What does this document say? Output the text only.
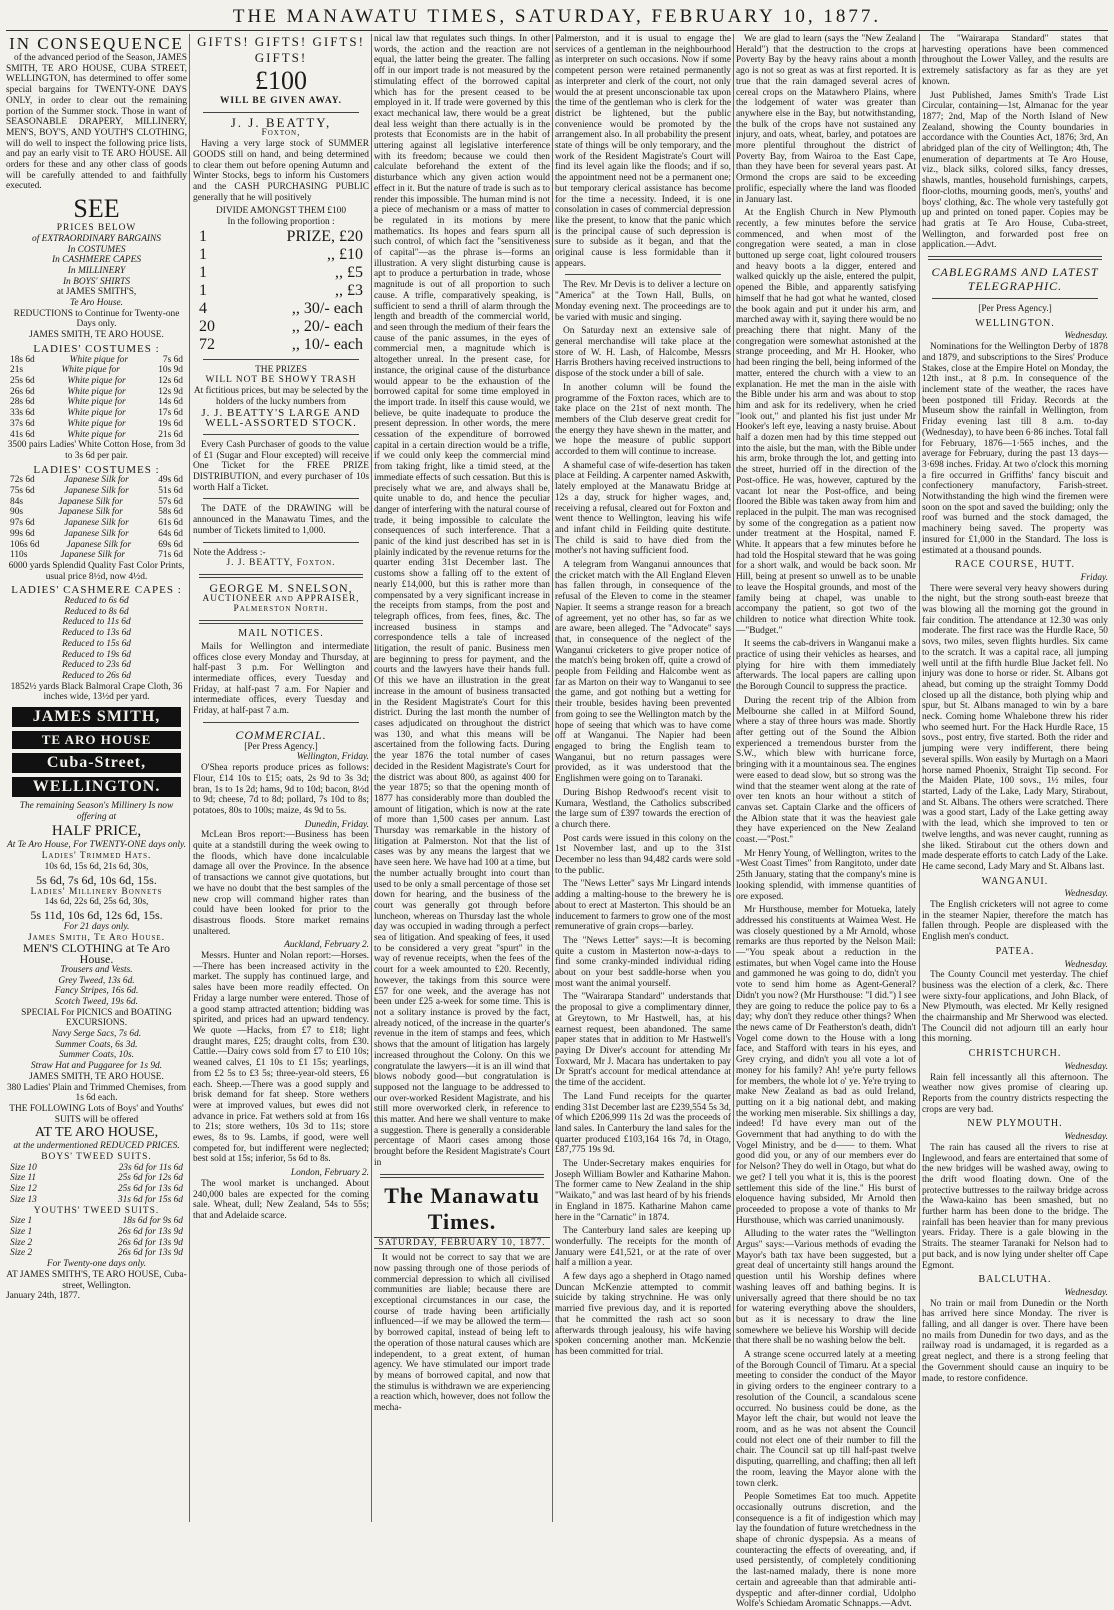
THE MANAWATU TIMES, SATURDAY, FEBRUARY 10, 1877.
IN CONSEQUENCE

of the advanced period of the Season, JAMES SMITH, TE ARO HOUSE, CUBA STREET, WELLINGTON, has determined to offer some special bargains for TWENTY-ONE DAYS ONLY, in order to clear out the remaining portion of the Summer stock. Those in want of SEASONABLE DRAPERY, MILLINERY, MEN'S, BOY'S, AND YOUTH'S CLOTHING, will do well to inspect the following price lists, and pay an early visit to TE ARO HOUSE. All orders for these and any other class of goods will be carefully attended to and faithfully executed.

SEE
PRICES BELOW
of EXTRAORDINARY BARGAINS
In COSTUMES
In CASHMERE CAPES
In MILLINERY
In BOYS' SHIRTS
at JAMES SMITH'S,
Te Aro House.
REDUCTIONS to Continue for Twenty-one Days only.
JAMES SMITH, TE ARO HOUSE.
LADIES' COSTUMES :
18s 6d	White pique for	7s 6d
21s	White pique for	10s 9d
25s 6d	White pique for	12s 6d
26s 6d	White pique for	12s 9d
28s 6d	White pique for	14s 6d
33s 6d	White pique for	17s 6d
37s 6d	White pique for	19s 6d
41s 6d	White pique for	21s 6d
3500 pairs Ladies' White Cotton Hose, from 3d to 3s 6d per pair.
LADIES' COSTUMES :
72s 6d	Japanese Silk for	49s 6d
75s 6d	Japanese Silk for	51s 6d
84s	Japanese Silk for	57s 6d
90s	Japanese Silk for	58s 6d
97s 6d	Japanese Silk for	61s 6d
99s 6d	Japanese Silk for	64s 6d
106s 6d	Japanese Silk for	69s 6d
110s	Japanese Silk for	71s 6d
6000 yards Splendid Quality Fast Color Prints, usual price 8½d, now 4½d.
LADIES' CASHMERE CAPES :
Reduced to 6s 6d
Reduced to 8s 6d
Reduced to 11s 6d
Reduced to 13s 6d
Reduced to 15s 6d
Reduced to 19s 6d
Reduced to 23s 6d
Reduced to 26s 6d
1852½ yards Black Balmoral Crape Cloth, 36 inches wide, 13½d per yard.
JAMES SMITH,
TE ARO HOUSE
Cuba-Street,
WELLINGTON.
The remaining Season's Millinery Is now offering at
HALF PRICE,
At Te Aro House, For TWENTY-ONE days only.
Ladies' Trimmed Hats.
10s 6d, 15s 6d, 21s 6d, 30s,
5s 6d, 7s 6d, 10s 6d, 15s.
Ladies' Millinery Bonnets
14s 6d, 22s 6d, 25s 6d, 30s,
5s 11d, 10s 6d, 12s 6d, 15s.
For 21 days only.
James Smith, Te Aro House.
MEN'S CLOTHING at Te Aro House.
Trousers and Vests.
Grey Tweed, 13s 6d.
Fancy Stripes, 16s 6d.
Scotch Tweed, 19s 6d.
SPECIAL For PICNICS and BOATING EXCURSIONS.
Navy Serge Sacs, 7s 6d.
Summer Coats, 6s 3d.
Summer Coats, 10s.
Straw Hat and Puggaree for 1s 9d.
JAMES SMITH, TE ARO HOUSE.
380 Ladies' Plain and Trimmed Chemises, from 1s 6d each.
THE FOLLOWING Lots of Boys' and Youths' SUITS will be offered
AT TE ARO HOUSE,
at the undermentioned REDUCED PRICES.
BOYS' TWEED SUITS.
Size 10	23s 6d for 11s 6d
Size 11	25s 6d for 12s 6d
Size 12	25s 6d for 13s 6d
Size 13	31s 6d for 15s 6d
YOUTHS' TWEED SUITS.
Size 1	18s 6d for 9s 6d
Size 1	26s 6d for 13s 9d
Size 2	26s 6d for 13s 9d
Size 2	26s 6d for 13s 9d
For Twenty-one days only.
AT JAMES SMITH'S, TE ARO HOUSE, Cuba-street, Wellington.
January 24th, 1877.
GIFTS! GIFTS! GIFTS! GIFTS!
£100
WILL BE GIVEN AWAY.
J. J. BEATTY,
Foxton,

Having a very large stock of SUMMER GOODS still on hand, and being determined to clear them out before opening Autumn and Winter Stocks, begs to inform his Customers and the CASH PURCHASING PUBLIC generally that he will positively

DIVIDE AMONGST THEM £100
In the following proportion :
1	PRIZE, £20
1	,, £10
1	,, £5
1	,, £3
4	,, 30/- each
20	,, 20/- each
72	,, 10/- each
THE PRIZES
WILL NOT BE SHOWY TRASH
At fictitious prices, but may be selected by the holders of the lucky numbers from
J. J. BEATTY'S LARGE AND WELL-ASSORTED STOCK.

Every Cash Purchaser of goods to the value of £1 (Sugar and Flour excepted) will receive One Ticket for the FREE PRIZE DISTRIBUTION, and every purchaser of 10s worth Half a Ticket.

The DATE of the DRAWING will be announced in the Manawatu Times, and the number of Tickets limited to 1,000.

Note the Address :-
J. J. BEATTY, Foxton.
GEORGE M. SNELSON,
AUCTIONEER and APPRAISER,
Palmerston North.
MAIL NOTICES.

Mails for Wellington and intermediate offices close every Monday and Thursday, at half-past 3 p.m. For Wellington and intermediate offices, every Tuesday and Friday, at half-past 7 a.m. For Napier and intermediate offices, every Tuesday and Friday, at half-past 7 a.m.

COMMERCIAL.
[Per Press Agency.]
Wellington, Friday.

O'Shea reports produce prices as follows: Flour, £14 10s to £15; oats, 2s 9d to 3s 3d; bran, 1s to 1s 2d; hams, 9d to 10d; bacon, 8½d to 9d; cheese, 7d to 8d; pollard, 7s 10d to 8s; potatoes, 80s to 100s; maize, 4s 9d to 5s.

Dunedin, Friday.

McLean Bros report:—Business has been quite at a standstill during the week owing to the floods, which have done incalculable damage all over the Province. In the absence of transactions we cannot give quotations, but we have no doubt that the best samples of the new crop will command higher rates than could have been looked for prior to the disastrous floods. Store market remains unaltered.

Auckland, February 2.

Messrs. Hunter and Nolan report:—Horses.—There has been increased activity in the market. The supply has continued large, and sales have been more readily effected. On Friday a large number were entered. Those of a good stamp attracted attention; bidding was spirited, and prices had an upward tendency. We quote —Hacks, from £7 to £18; light draught mares, £25; draught colts, from £30. Cattle.—Dairy cows sold from £7 to £10 10s; weaned calves, £1 10s to £1 15s; yearlings, from £2 5s to £3 5s; three-year-old steers, £6 each. Sheep.—There was a good supply and brisk demand for fat sheep. Store wethers were at improved values, but ewes did not advance in price. Fat wethers sold at from 16s to 21s; store wethers, 10s 3d to 11s; store ewes, 8s to 9s. Lambs, if good, were well competed for, but indifferent were neglected; best sold at 15s; inferior, 5s 6d to 8s.

London, February 2.

The wool market is unchanged. About 240,000 bales are expected for the coming sale. Wheat, dull; New Zealand, 54s to 55s; that and Adelaide scarce.

nical law that regulates such things. In other words, the action and the reaction are not equal, the latter being the greater. The falling off in our import trade is not measured by the stimulating effect of the borrowed capital which has for the present ceased to be employed in it. If trade were governed by this exact mechanical law, there would be a great deal less weight than there actually is in the protests that Economists are in the habit of uttering against all legislative interference with its freedom; because we could then calculate beforehand the extent of the disturbance which any given action would effect in it. But the nature of trade is such as to render this impossible. The human mind is not a piece of mechanism or a mass of matter to be regulated in its motions by mere mathematics. Its hopes and fears spurn all such control, of which fact the "sensitiveness of capital"—as the phrase is—forms an illustration. A very slight disturbing cause is apt to produce a perturbation in trade, whose magnitude is out of all proportion to such cause. A trifle, comparatively speaking, is sufficient to send a thrill of alarm through the length and breadth of the commercial world, and seen through the medium of their fears the cause of the panic assumes, in the eyes of commercial men, a magnitude which is altogether unreal. In the present case, for instance, the original cause of the disturbance would appear to be the exhaustion of the borrowed capital for some time employed in the import trade. In itself this cause would, we believe, be quite inadequate to produce the present depression. In other words, the mere cessation of the expenditure of borrowed capital in a certain direction would be a trifle, if we could only keep the commercial mind from taking fright, like a timid steed, at the immediate effects of such cessation. But this is precisely what we are, and always shall be, quite unable to do, and hence the peculiar danger of interfering with the natural course of trade, it being impossible to calculate the consequences of such interference. That a panic of the kind just described has set in is plainly indicated by the revenue returns for the quarter ending 31st December last. The customs show a falling off to the extent of nearly £14,000, but this is rather more than compensated by a very significant increase in the receipts from stamps, from the post and telegraph offices, from fees, fines, &c. The increased business in stamps and correspondence tells a tale of increased litigation, the result of panic. Business men are beginning to press for payment, and the courts and the lawyers have their hands full. Of this we have an illustration in the great increase in the amount of business transacted in the Resident Magistrate's Court for this district. During the last month the number of cases adjudicated on throughout the district was 130, and what this means will be ascertained from the following facts. During the year 1876 the total number of cases decided in the Resident Magistrate's Court for the district was about 800, as against 400 for the year 1875; so that the opening month of 1877 has considerably more than doubled the amount of litigation, which is now at the rate of more than 1,500 cases per annum. Last Thursday was remarkable in the history of litigation at Palmerston. Not that the list of cases was by any means the largest that we have seen here. We have had 100 at a time, but the number actually brought into court than used to be only a small percentage of those set down for hearing, and the business of the court was generally got through before luncheon, whereas on Thursday last the whole day was occupied in wading through a perfect sea of litigation. And speaking of fees, it used to be considered a very great "spurt" in the way of revenue receipts, when the fees of the court for a week amounted to £20. Recently, however, the takings from this source were £57 for one week, and the average has not been under £25 a-week for some time. This is not a solitary instance is proved by the fact, already noticed, of the increase in the quarter's revenue in the item of stamps and fees, which shows that the amount of litigation has largely increased throughout the Colony. On this we congratulate the lawyers—it is an ill wind that blows nobody good—but congratulation is supposed not the language to be addressed to our over-worked Resident Magistrate, and his still more overworked clerk, in reference to this matter. And here we shall venture to make a suggestion. There is generally a considerable percentage of Maori cases among those brought before the Resident Magistrate's Court in

The Manawatu Times.
SATURDAY, FEBRUARY 10, 1877.

It would not be correct to say that we are now passing through one of those periods of commercial depression to which all civilised communities are liable; because there are exceptional circumstances in our case, the course of trade having been artificially influenced—if we may be allowed the term—by borrowed capital, instead of being left to the operation of those natural causes which are independent, to a great extent, of human agency. We have stimulated our import trade by means of borrowed capital, and now that the stimulus is withdrawn we are experiencing a reaction which, however, does not follow the mecha-

Palmerston, and it is usual to engage the services of a gentleman in the neighbourhood as interpreter on such occasions. Now if some competent person were retained permanently as interpreter and clerk of the court, not only would the at present unconscionable tax upon the time of the gentleman who is clerk for the district be lightened, but the public convenience would be promoted by the arrangement also. In all probability the present state of things will be only temporary, and the work of the Resident Magistrate's Court will find its level again like the floods; and if so, the appointment need not be a permanent one; but temporary clerical assistance has become for the time a necessity. Indeed, it is one consolation in cases of commercial depression like the present, to know that the panic which is the principal cause of such depression is sure to subside as it began, and that the original cause is less formidable than it appears.

The Rev. Mr Devis is to deliver a lecture on "America" at the Town Hall, Bulls, on Monday evening next. The proceedings are to be varied with music and singing.

On Saturday next an extensive sale of general merchandise will take place at the store of W. H. Lash, of Halcombe, Messrs Harris Brothers having received instructions to dispose of the stock under a bill of sale.

In another column will be found the programme of the Foxton races, which are to take place on the 21st of next month. The members of the Club deserve great credit for the energy they have shewn in the matter, and we hope the measure of public support accorded to them will continue to increase.

A shameful case of wife-desertion has taken place at Feilding. A carpenter named Askwith, lately employed at the Manawatu Bridge at 12s a day, struck for higher wages, and, receiving a refusal, cleared out for Foxton and went thence to Wellington, leaving his wife and infant child in Feilding quite destitute. The child is said to have died from the mother's not having sufficient food.

A telegram from Wanganui announces that the cricket match with the All England Eleven has fallen through, in consequence of the refusal of the Eleven to come in the steamer Napier. It seems a strange reason for a breach of agreement, yet no other has, so far as we are aware, been alleged. The "Advocate" says that, in consequence of the neglect of the Wanganui cricketers to give proper notice of the match's being broken off, quite a crowd of people from Feilding and Halcombe went as far as Marton on their way to Wanganui to see the game, and got nothing but a wetting for their trouble, besides having been prevented from going to see the Wellington match by the hope of seeing that which was to have come off at Wanganui. The Napier had been engaged to bring the English team to Wanganui, but no return passages were provided, as it was understood that the Englishmen were going on to Taranaki.

During Bishop Redwood's recent visit to Kumara, Westland, the Catholics subscribed the large sum of £397 towards the erection of a church there.

Post cards were issued in this colony on the 1st November last, and up to the 31st December no less than 94,482 cards were sold to the public.

The "News Letter" says Mr Lingard intends adding a malting-house to the brewery he is about to erect at Masterton. This should be an inducement to farmers to grow one of the most remunerative of grain crops—barley.

The "News Letter" says:—It is becoming quite a custom in Masterton now-a-days to find some cranky-minded individual riding about on your best saddle-horse when you most want the animal yourself.

The "Wairarapa Standard" understands that the proposal to give a complimentary dinner, at Greytown, to Mr Hastwell, has, at his earnest request, been abandoned. The same paper states that in addition to Mr Hastwell's paying Dr Diver's account for attending Mr Toxward, Mr J. Macara has undertaken to pay Dr Spratt's account for medical attendance at the time of the accident.

The Land Fund receipts for the quarter ending 31st December last are £239,554 5s 3d, of which £206,999 11s 2d was the proceeds of land sales. In Canterbury the land sales for the quarter produced £103,164 16s 7d, in Otago, £87,775 19s 9d.

The Under-Secretary makes enquiries for Joseph William Bowler and Katharine Mahon. The former came to New Zealand in the ship "Waikato," and was last heard of by his friends in England in 1875. Katharine Mahon came here in the "Carnatic" in 1874.

The Canterbury land sales are keeping up wonderfully. The receipts for the month of January were £41,521, or at the rate of over half a million a year.

A few days ago a shepherd in Otago named Duncan McKenzie attempted to commit suicide by taking strychnine. He was only married five previous day, and it is reported that he committed the rash act so soon afterwards through jealousy, his wife having spoken concerning another man. McKenzie has been committed for trial.

We are glad to learn (says the "New Zealand Herald") that the destruction to the crops at Poverty Bay by the heavy rains about a month ago is not so great as was at first reported. It is true that the rain damaged several acres of cereal crops on the Matawhero Plains, where the lodgement of water was greater than anywhere else in the Bay, but notwithstanding, the bulk of the crops have not sustained any injury, and oats, wheat, barley, and potatoes are more plentiful throughout the district of Poverty Bay, from Wairoa to the East Cape, than they have been for several years past. At Ormond the crops are said to be exceeding prolific, especially where the land was flooded in January last.

At the English Church in New Plymouth recently, a few minutes before the service commenced, and when most of the congregation were seated, a man in close buttoned up serge coat, light coloured trousers and heavy boots a la digger, entered and walked quickly up the aisle, entered the pulpit, opened the Bible, and apparently satisfying himself that he had got what he wanted, closed the book again and put it under his arm, and marched away with it, saying there would be no preaching there that night. Many of the congregation were somewhat astonished at the strange proceeding, and Mr H. Hooker, who had been ringing the bell, being informed of the matter, entered the church with a view to an explanation. He met the man in the aisle with the Bible under his arm and was about to stop him and ask for its redelivery, when he cried "look out," and planted his fist just under Mr Hooker's left eye, leaving a nasty bruise. About half a dozen men had by this time stepped out into the aisle, but the man, with the Bible under his arm, broke through the lot, and getting into the street, hurried off in the direction of the Post-office. He was, however, captured by the vacant lot near the Post-office, and being floored the Bible was taken away from him and replaced in the pulpit. The man was recognised by some of the congregation as a patient now under treatment at the Hospital, named F. White. It appears that a few minutes before he had told the Hospital steward that he was going for a short walk, and would be back soon. Mr Hill, being at present so unwell as to be unable to leave the Hospital grounds, and most of the family being at chapel, was unable to accompany the patient, so got two of the children to notice what direction White took.—"Budget."

It seems the cab-drivers in Wanganui make a practice of using their vehicles as hearses, and plying for hire with them immediately afterwards. The local papers are calling upon the Borough Council to suppress the practice.

During the recent trip of the Albion from Melbourne she called in at Milford Sound, where a stay of three hours was made. Shortly after getting out of the Sound the Albion experienced a tremendous burster from the S.W., which blew with hurricane force, bringing with it a mountainous sea. The engines were eased to dead slow, but so strong was the wind that the steamer went along at the rate of over ten knots an hour without a stitch of canvas set. Captain Clarke and the officers of the Albion state that it was the heaviest gale they have experienced on the New Zealand coast.—"Post."

Mr Henry Young, of Wellington, writes to the "West Coast Times" from Rangitoto, under date 25th January, stating that the company's mine is looking splendid, with immense quantities of ore exposed.

Mr Hursthouse, member for Motueka, lately addressed his constituents at Waimea West. He was closely questioned by a Mr Arnold, whose remarks are thus reported by the Nelson Mail:—"You speak about a reduction in the estimates, but when Vogel came into the House and gammoned he was going to do, didn't you vote to send him home as Agent-General? Didn't you now? (Mr Hursthouse: "I did.") I see they are going to reduce the police pay to 6s a day; why don't they reduce other things? When the news came of Dr Featherston's death, didn't Vogel come down to the House with a long face, and Stafford with tears in his eyes, and Grey crying, and didn't you all vote a lot of money for his family? Ah! ye're purty fellows for members, the whole lot o' ye. Ye're trying to make New Zealand as bad as ould Ireland, putting on it a big national debt, and making the working men miserable. Six shillings a day, indeed! I'd have every man out of the Government that had anything to do with the Vogel Ministry, and be d—— to them. What good did you, or any of our members ever do for Nelson? They do well in Otago, but what do we get? I tell you what it is, this is the poorest settlement this side of the line." His burst of eloquence having subsided, Mr Arnold then proceeded to propose a vote of thanks to Mr Hursthouse, which was carried unanimously.

Alluding to the water rates the "Wellington Argus" says:—Various methods of evading the Mayor's bath tax have been suggested, but a great deal of uncertainty still hangs around the question until his Worship defines where washing leaves off and bathing begins. It is universally agreed that there should be no tax for watering everything above the shoulders, but as it is necessary to draw the line somewhere we believe his Worship will decide that there shall be no washing below the belt.

A strange scene occurred lately at a meeting of the Borough Council of Timaru. At a special meeting to consider the conduct of the Mayor in giving orders to the engineer contrary to a resolution of the Council, a scandalous scene occurred. No business could be done, as the Mayor left the chair, but would not leave the room, and as he was not absent the Council could not elect one of their number to fill the chair. The Council sat up till half-past twelve disputing, quarrelling, and chaffing; then all left the room, leaving the Mayor alone with the town clerk.

People Sometimes Eat too much. Appetite occasionally outruns discretion, and the consequence is a fit of indigestion which may lay the foundation of future wretchedness in the shape of chronic dyspepsia. As a means of counteracting the effects of overeating, and, if used persistently, of completely conditioning the last-named malady, there is none more certain and agreeable than that admirable anti-dyspeptic and after-dinner cordial, Udolpho Wolfe's Schiedam Aromatic Schnapps.—Advt.

The "Wairarapa Standard" states that harvesting operations have been commenced throughout the Lower Valley, and the results are extremely satisfactory as far as they are yet known.

Just Published, James Smith's Trade List Circular, containing—1st, Almanac for the year 1877; 2nd, Map of the North Island of New Zealand, showing the County boundaries in accordance with the Counties Act, 1876; 3rd, An abridged plan of the city of Wellington; 4th, The enumeration of departments at Te Aro House, viz., black silks, colored silks, fancy dresses, shawls, mantles, household furnishings, carpets, floor-cloths, mourning goods, men's, youths' and boys' clothing, &c. The whole very tastefully got up and printed on toned paper. Copies may be had gratis at Te Aro House, Cuba-street, Wellington, and forwarded post free on application.—Advt.

CABLEGRAMS AND LATEST TELEGRAPHIC.
[Per Press Agency.]
WELLINGTON.
Wednesday.

Nominations for the Wellington Derby of 1878 and 1879, and subscriptions to the Sires' Produce Stakes, close at the Empire Hotel on Monday, the 12th inst., at 8 p.m. In consequence of the inclement state of the weather, the races have been postponed till Friday. Records at the Museum show the rainfall in Wellington, from Friday evening last till 8 a.m. to-day (Wednesday), to have been 6·86 inches. Total fall for February, 1876—1·565 inches, and the average for February, during the past 13 days—3·698 inches. Friday. At two o'clock this morning a fire occurred in Griffiths' fancy biscuit and confectionery manufactory, Farish-street. Notwithstanding the high wind the firemen were soon on the spot and saved the building; only the roof was burned and the stock damaged, the machinery being saved. The property was insured for £1,000 in the Standard. The loss is estimated at a thousand pounds.

RACE COURSE, HUTT.
Friday.

There were several very heavy showers during the night, but the strong south-east breeze that was blowing all the morning got the ground in fair condition. The attendance at 12.30 was only moderate. The first race was the Hurdle Race, 50 sovs, two miles, seven flights hurdles. Six came to the scratch. It was a capital race, all jumping well until at the fifth hurdle Blue Jacket fell. No injury was done to horse or rider. St. Albans got ahead, but coming up the straight Tommy Dodd closed up all the distance, both plying whip and spur, but St. Albans managed to win by a bare neck. Coming home Whalebone threw his rider who seemed hurt. For the Hack Hurdle Race, 15 sovs., post entry, five started. Both the rider and jumping were very indifferent, there being several spills. Won easily by Murtagh on a Maori horse named Phoenix, Straight Tip second. For the Maiden Plate, 100 sovs., 1½ miles, four started, Lady of the Lake, Lady Mary, Stirabout, and St. Albans. The others were scratched. There was a good start, Lady of the Lake getting away with the lead, which she improved to ten or twelve lengths, and was never caught, running as she liked. Stirabout cut the others down and made desperate efforts to catch Lady of the Lake. He came second, Lady Mary and St. Albans last.

WANGANUI.
Wednesday.

The English cricketers will not agree to come in the steamer Napier, therefore the match has fallen through. People are displeased with the English men's conduct.

PATEA.
Wednesday.

The County Council met yesterday. The chief business was the election of a clerk, &c. There were sixty-four applications, and John Black, of New Plymouth, was elected. Mr Kelly resigned the chairmanship and Mr Sherwood was elected. The Council did not adjourn till an early hour this morning.

CHRISTCHURCH.
Wednesday.

Rain fell incessantly all this afternoon. The weather now gives promise of clearing up. Reports from the country districts respecting the crops are very bad.

NEW PLYMOUTH.
Wednesday.

The rain has caused all the rivers to rise at Inglewood, and fears are entertained that some of the new bridges will be washed away, owing to the drift wood floating down. One of the protective buttresses to the railway bridge across the Wawa-kaino has been smashed, but no further harm has been done to the bridge. The rainfall has been heavier than for many previous years. Friday. There is a gale blowing in the Straits. The steamer Taranaki for Nelson had to put back, and is now lying under shelter off Cape Egmont.

BALCLUTHA.
Wednesday.

No train or mail from Dunedin or the North has arrived here since Monday. The river is falling, and all danger is over. There have been no mails from Dunedin for two days, and as the railway road is undamaged, it is regarded as a great neglect, and there is a strong feeling that the Government should cause an inquiry to be made, to restore confidence.
